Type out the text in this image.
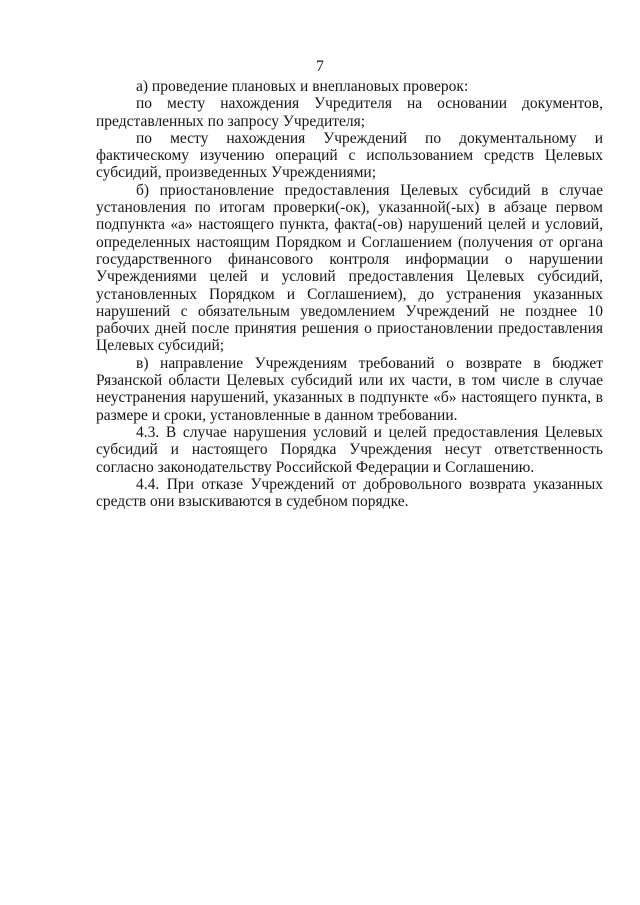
7

а) проведение плановых и внеплановых проверок:

по месту нахождения Учредителя на основании документов, представленных по запросу Учредителя;

по месту нахождения Учреждений по документальному и фактическому изучению операций с использованием средств Целевых субсидий, произведенных Учреждениями;

б) приостановление предоставления Целевых субсидий в случае установления по итогам проверки(-ок), указанной(-ых) в абзаце первом подпункта «а» настоящего пункта, факта(-ов) нарушений целей и условий, определенных настоящим Порядком и Соглашением (получения от органа государственного финансового контроля информации о нарушении Учреждениями целей и условий предоставления Целевых субсидий, установленных Порядком и Соглашением), до устранения указанных нарушений с обязательным уведомлением Учреждений не позднее 10 рабочих дней после принятия решения о приостановлении предоставления Целевых субсидий;

в) направление Учреждениям требований о возврате в бюджет Рязанской области Целевых субсидий или их части, в том числе в случае неустранения нарушений, указанных в подпункте «б» настоящего пункта, в размере и сроки, установленные в данном требовании.

4.3. В случае нарушения условий и целей предоставления Целевых субсидий и настоящего Порядка Учреждения несут ответственность согласно законодательству Российской Федерации и Соглашению.

4.4. При отказе Учреждений от добровольного возврата указанных средств они взыскиваются в судебном порядке.
